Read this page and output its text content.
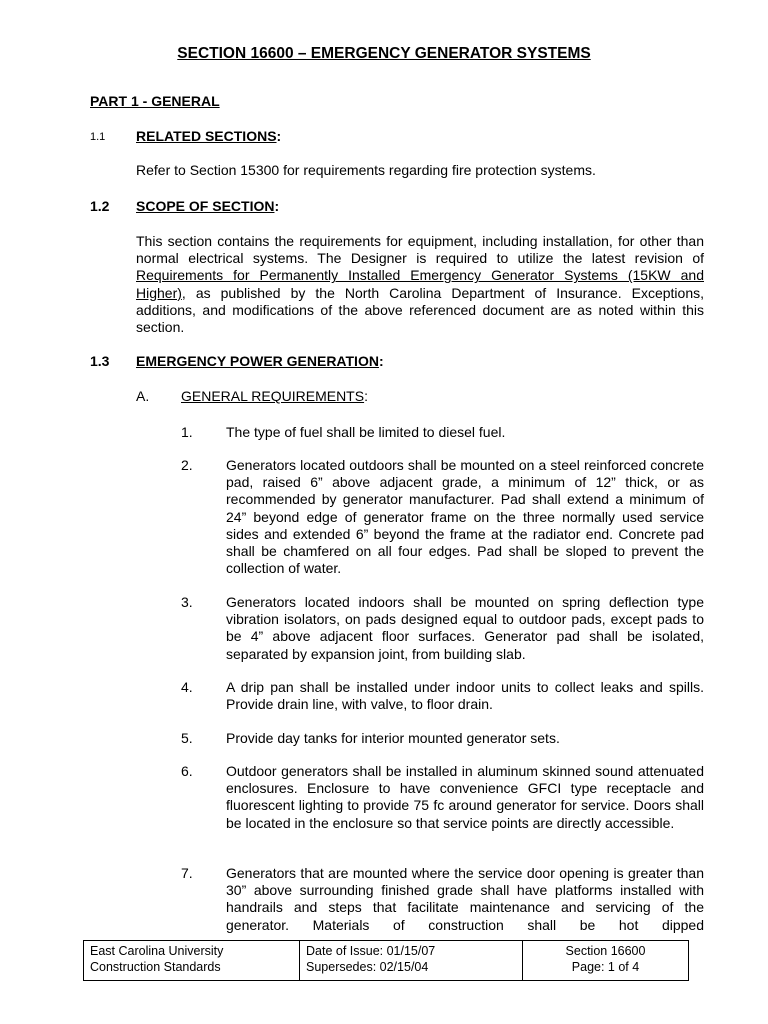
SECTION 16600 – EMERGENCY GENERATOR SYSTEMS
PART 1 - GENERAL
1.1 RELATED SECTIONS:
Refer to Section 15300 for requirements regarding fire protection systems.
1.2 SCOPE OF SECTION:
This section contains the requirements for equipment, including installation, for other than normal electrical systems. The Designer is required to utilize the latest revision of Requirements for Permanently Installed Emergency Generator Systems (15KW and Higher), as published by the North Carolina Department of Insurance. Exceptions, additions, and modifications of the above referenced document are as noted within this section.
1.3 EMERGENCY POWER GENERATION:
A. GENERAL REQUIREMENTS:
1. The type of fuel shall be limited to diesel fuel.
2. Generators located outdoors shall be mounted on a steel reinforced concrete pad, raised 6” above adjacent grade, a minimum of 12” thick, or as recommended by generator manufacturer. Pad shall extend a minimum of 24” beyond edge of generator frame on the three normally used service sides and extended 6” beyond the frame at the radiator end. Concrete pad shall be chamfered on all four edges. Pad shall be sloped to prevent the collection of water.
3. Generators located indoors shall be mounted on spring deflection type vibration isolators, on pads designed equal to outdoor pads, except pads to be 4” above adjacent floor surfaces. Generator pad shall be isolated, separated by expansion joint, from building slab.
4. A drip pan shall be installed under indoor units to collect leaks and spills. Provide drain line, with valve, to floor drain.
5. Provide day tanks for interior mounted generator sets.
6. Outdoor generators shall be installed in aluminum skinned sound attenuated enclosures. Enclosure to have convenience GFCI type receptacle and fluorescent lighting to provide 75 fc around generator for service. Doors shall be located in the enclosure so that service points are directly accessible.
7. Generators that are mounted where the service door opening is greater than 30” above surrounding finished grade shall have platforms installed with handrails and steps that facilitate maintenance and servicing of the generator. Materials of construction shall be hot dipped
East Carolina University
Construction Standards
Date of Issue: 01/15/07
Supersedes: 02/15/04
Section 16600
Page: 1 of 4
